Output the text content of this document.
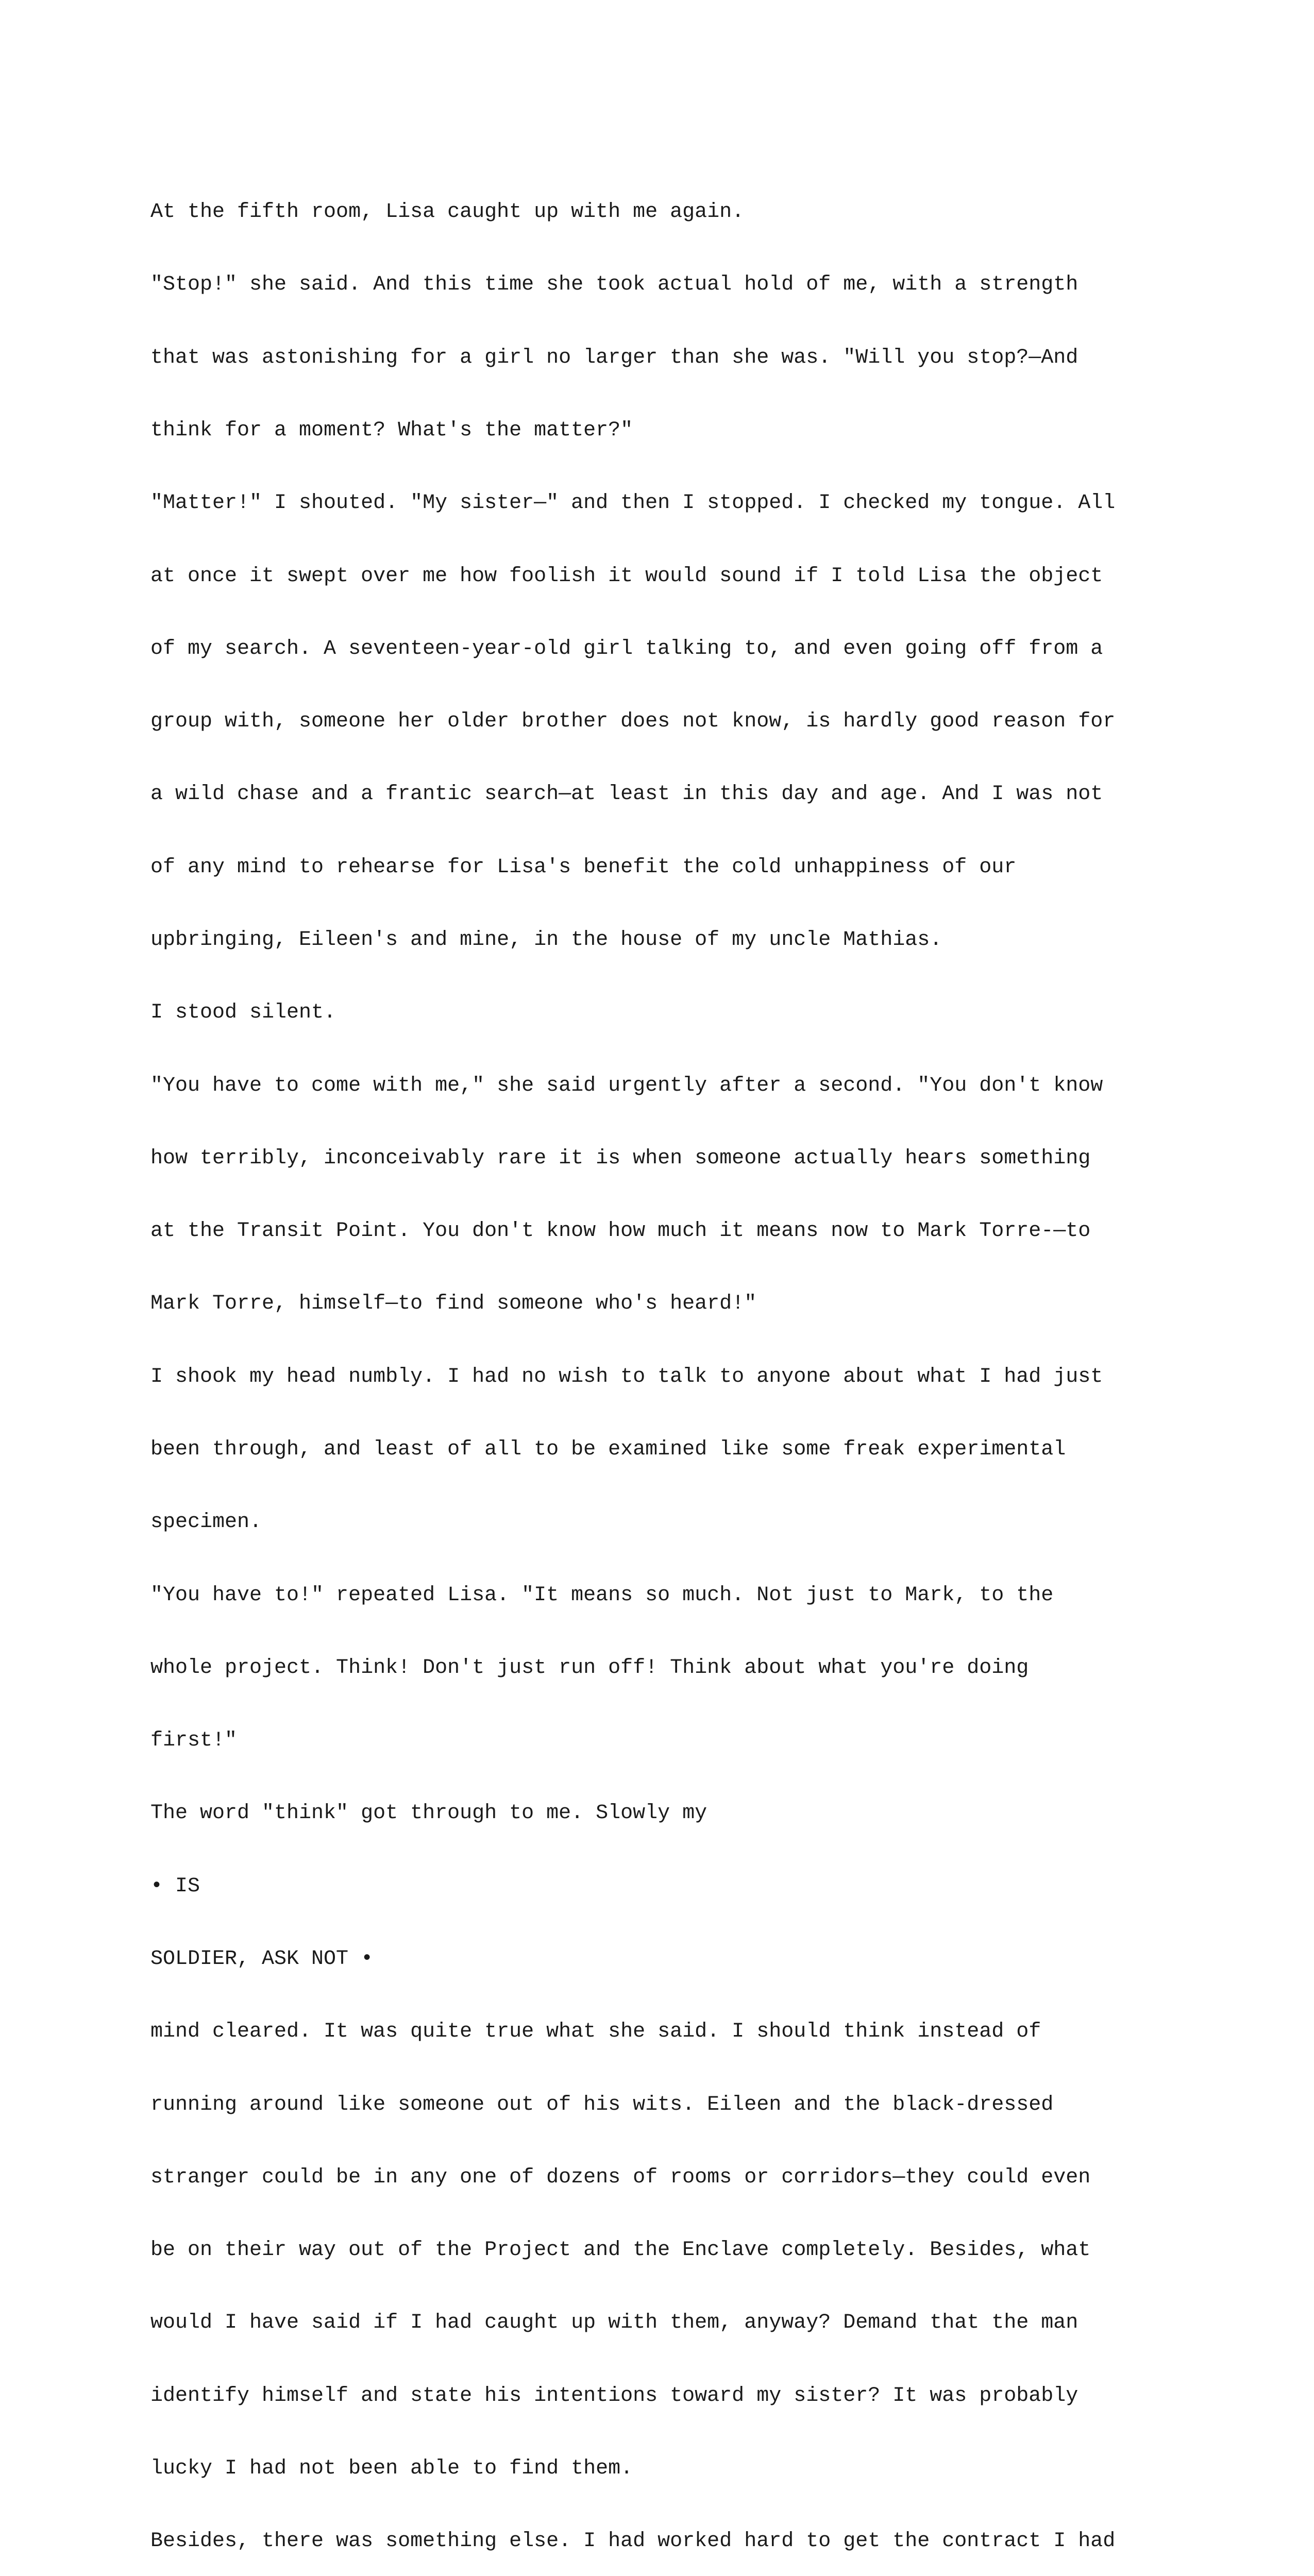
At the fifth room, Lisa caught up with me again.

"Stop!" she said. And this time she took actual hold of me, with a strength

that was astonishing for a girl no larger than she was. "Will you stop?—And

think for a moment? What's the matter?"

"Matter!" I shouted. "My sister—" and then I stopped. I checked my tongue. All

at once it swept over me how foolish it would sound if I told Lisa the object

of my search. A seventeen-year-old girl talking to, and even going off from a

group with, someone her older brother does not know, is hardly good reason for

a wild chase and a frantic search—at least in this day and age. And I was not

of any mind to rehearse for Lisa's benefit the cold unhappiness of our

upbringing, Eileen's and mine, in the house of my uncle Mathias.

I stood silent.

"You have to come with me," she said urgently after a second. "You don't know

how terribly, inconceivably rare it is when someone actually hears something

at the Transit Point. You don't know how much it means now to Mark Torre-—to

Mark Torre, himself—to find someone who's heard!"

I shook my head numbly. I had no wish to talk to anyone about what I had just

been through, and least of all to be examined like some freak experimental

specimen.

"You have to!" repeated Lisa. "It means so much. Not just to Mark, to the

whole project. Think! Don't just run off! Think about what you're doing

first!"

The word "think" got through to me. Slowly my

• IS

SOLDIER, ASK NOT •

mind cleared. It was quite true what she said. I should think instead of

running around like someone out of his wits. Eileen and the black-dressed

stranger could be in any one of dozens of rooms or corridors—they could even

be on their way out of the Project and the Enclave completely. Besides, what

would I have said if I had caught up with them, anyway? Demand that the man

identify himself and state his intentions toward my sister? It was probably

lucky I had not been able to find them.

Besides, there was something else. I had worked hard to get the contract I had
